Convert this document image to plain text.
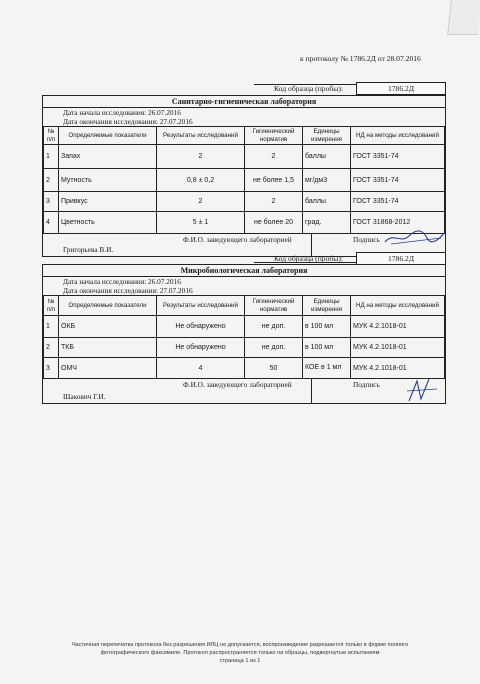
к протоколу № 1786.2Д от 28.07.2016
Код образца (пробы):	1786.2Д
Санитарно-гигиеническая лаборатория
Дата начала исследования: 26.07.2016
Дата окончания исследования: 27.07.2016
№ п/п	Определяемые показатели	Результаты исследований	Гигиенический норматив	Единицы измерения	НД на методы исследований
1	Запах	2	2	баллы	ГОСТ 3351-74
2	Мутность	0,8 ± 0,2	не более 1,5	мг/дм3	ГОСТ 3351-74
3	Привкус	2	2	баллы	ГОСТ 3351-74
4	Цветность	5 ± 1	не более 20	град.	ГОСТ 31868-2012
Ф.И.О. заведующего лабораторией	Подпись
Григорьева В.И.
Код образца (пробы):	1786.2Д
Микробиологическая лаборатория
Дата начала исследования: 26.07.2016
Дата окончания исследования: 27.07.2016
№ п/п	Определяемые показатели	Результаты исследований	Гигиенический норматив	Единицы измерения	НД на методы исследований
1	ОКБ	Не обнаружено	не доп.	в 100 мл	МУК 4.2.1018-01
2	ТКБ	Не обнаружено	не доп.	в 100 мл	МУК 4.2.1018-01
3	ОМЧ	4	50	КОЕ в 1 мл	МУК 4.2.1018-01
Ф.И.О. заведующего лабораторией	Подпись
Шакович Г.И.
Частичная перепечатка протокола без разрешения ИЛЦ не допускается, воспроизведение разрешается только в форме полного
фотографического факсимиле. Протокол распространяется только на образцы, подвергнутые испытаниям
страница 1 из 1
